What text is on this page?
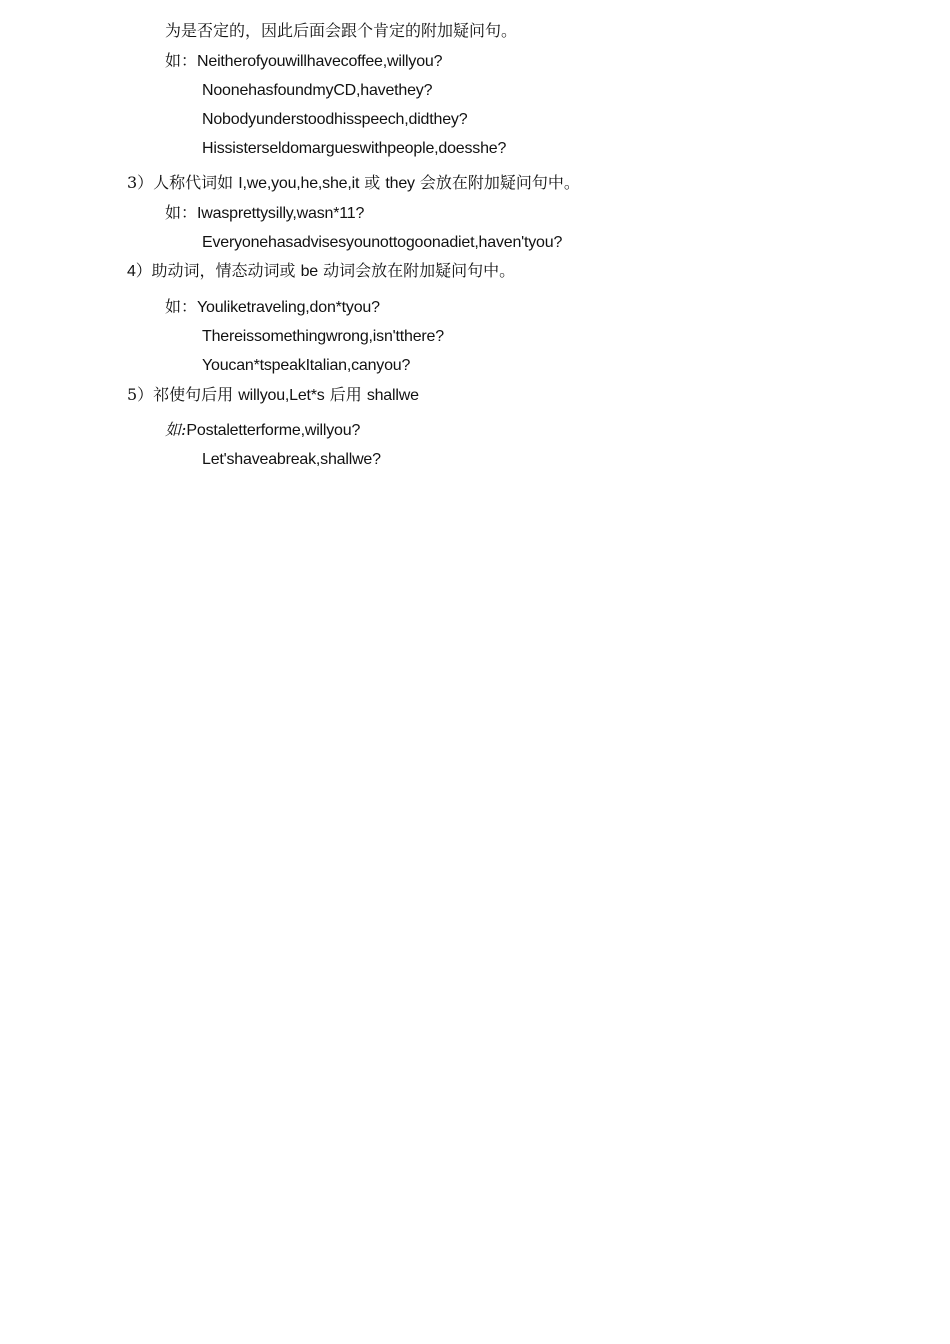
为是否定的，因此后面会跟个肯定的附加疑问句。
如：Neitherofyouwillhavecoffee,willyou?
NoonehasfoundmyCD,havethey?
Nobodyunderstoodhisspeech,didthey?
Hissisterseldomargueswithpeople,doesshe?
3）人称代词如 I,we,you,he,she,it 或 they 会放在附加疑问句中。
如：Iwasprettysilly,wasn*11?
Everyonehasadvisesyounottogoonadiet,haven'tyou?
4）助动词，情态动词或 be 动词会放在附加疑问句中。
如：Youliketraveling,don*tyou?
Thereissomethingwrong,isn'tthere?
Youcan*tspeakItalian,canyou?
5）祁使句后用 willyou,Let*s 后用 shallwe
如:Postaletterforme,willyou?
Let'shaveabreak,shallwe?
